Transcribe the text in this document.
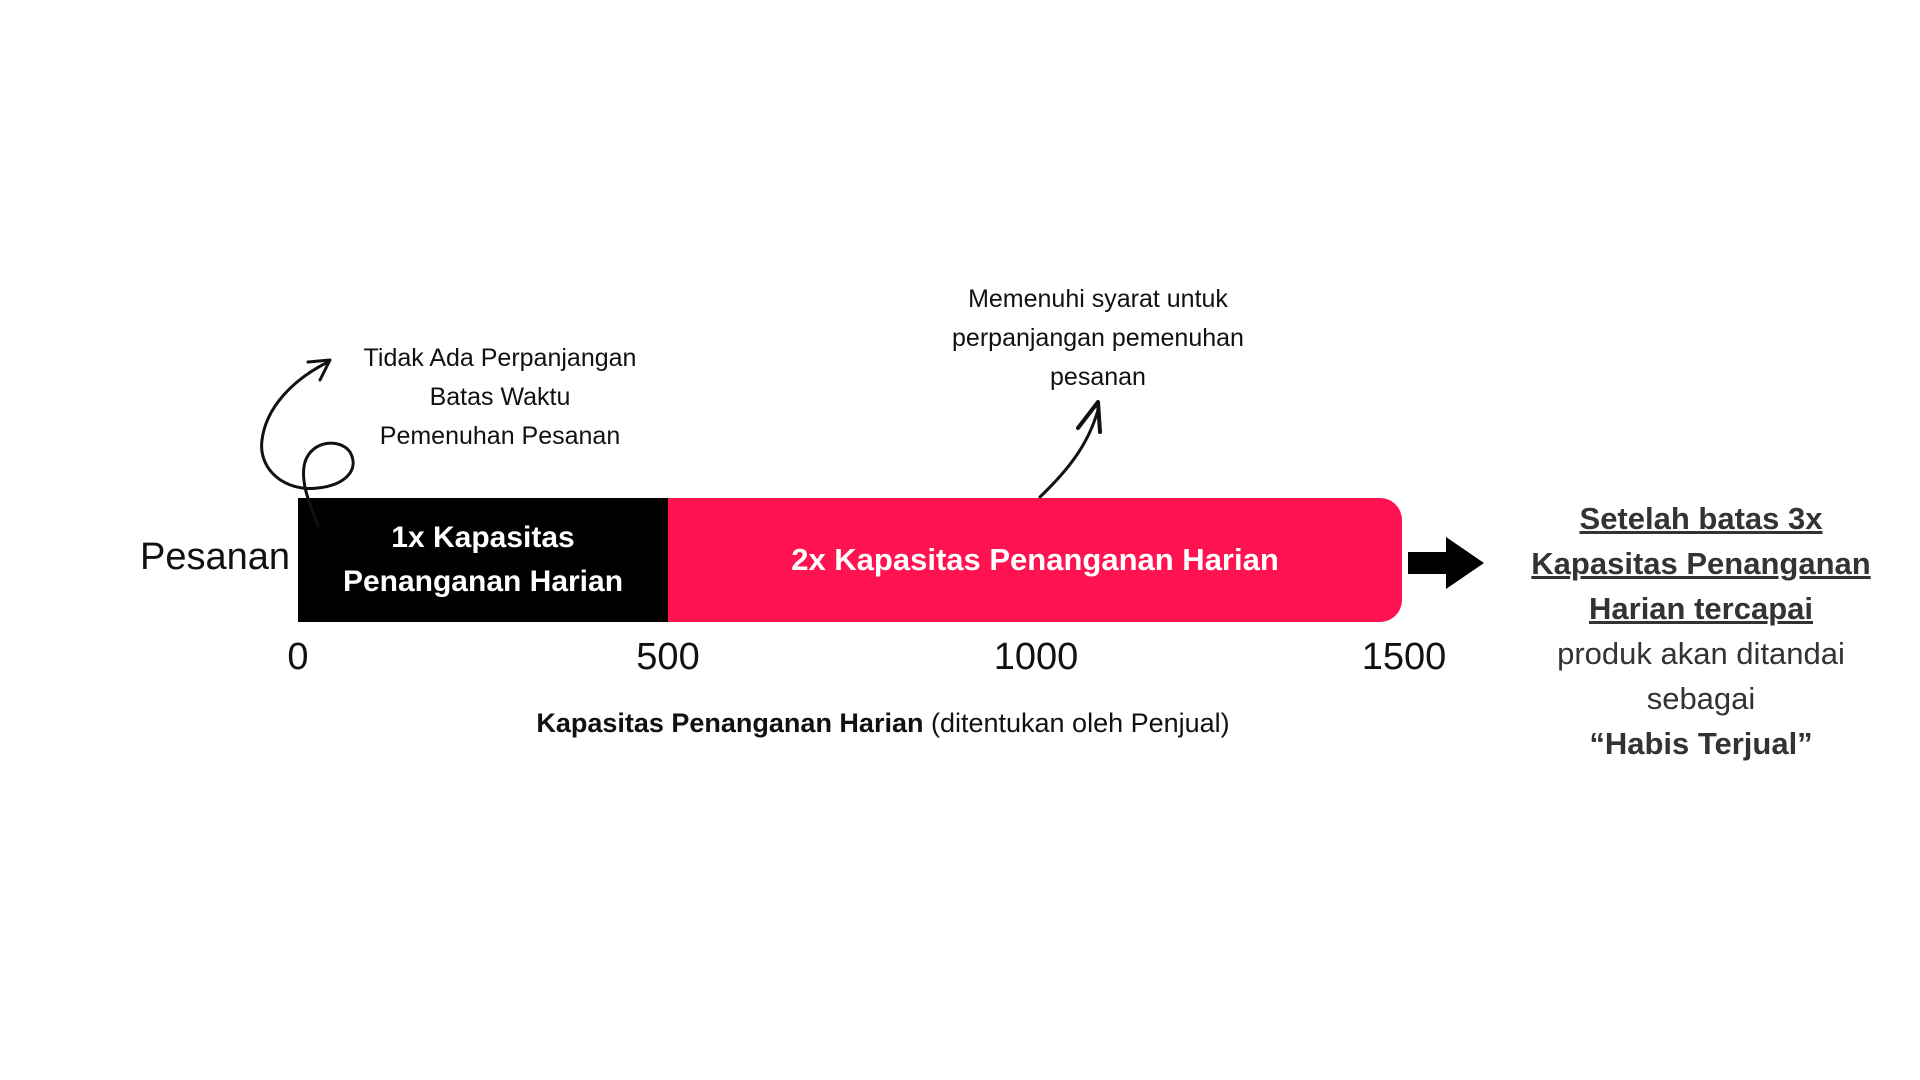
Pesanan	1x Kapasitas
Penanganan Harian
2x Kapasitas Penanganan Harian
0	500	1000	1500
Kapasitas Penanganan Harian (ditentukan oleh Penjual)
Tidak Ada Perpanjangan
Batas Waktu
Pemenuhan Pesanan
Memenuhi syarat untuk
perpanjangan pemenuhan
pesanan
Setelah batas 3x Kapasitas Penanganan Harian tercapai
produk akan ditandai sebagai
“Habis Terjual”
